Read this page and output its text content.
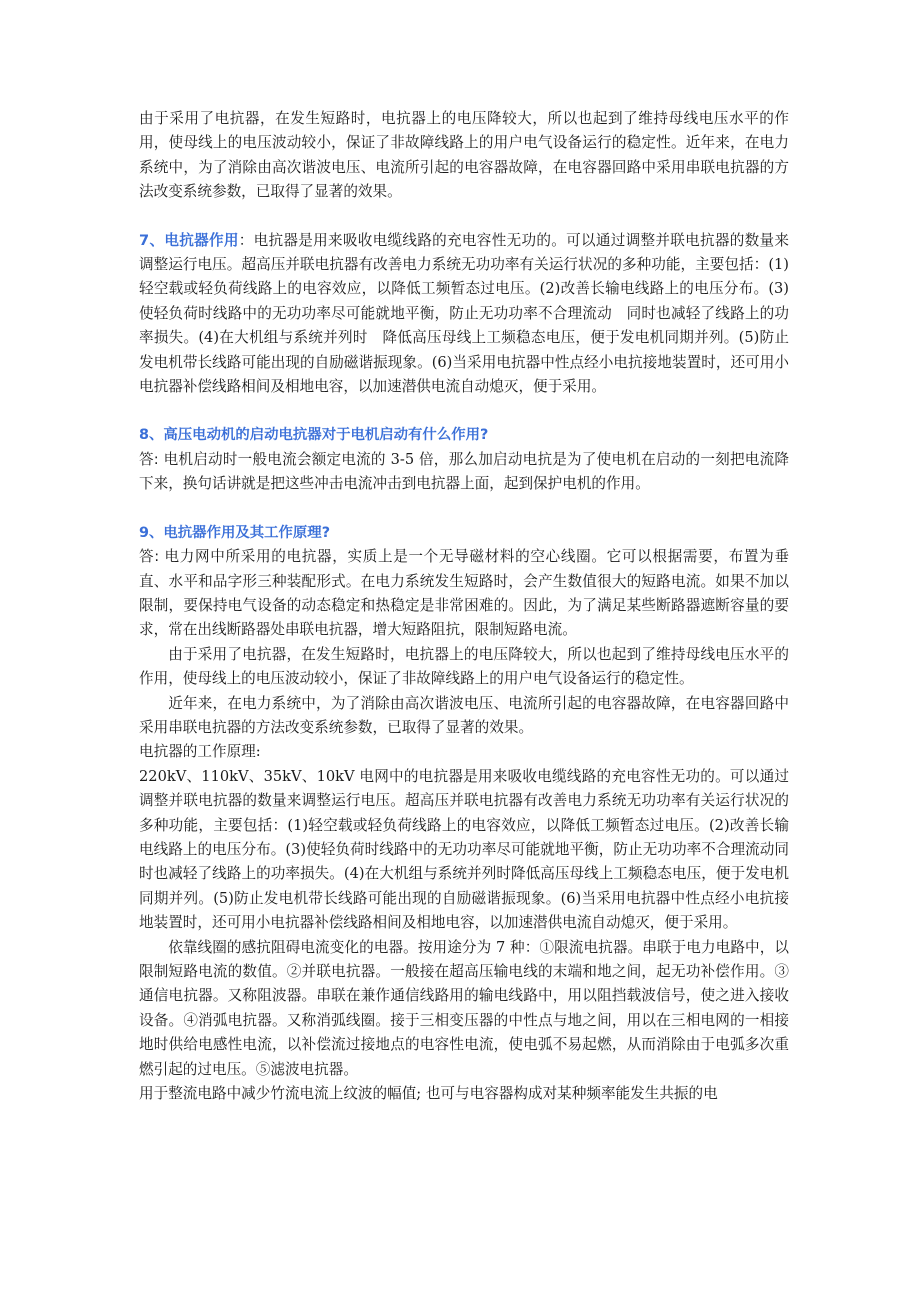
由于采用了电抗器，在发生短路时，电抗器上的电压降较大，所以也起到了维持母线电压水平的作用，使母线上的电压波动较小，保证了非故障线路上的用户电气设备运行的稳定性。近年来，在电力系统中，为了消除由高次谐波电压、电流所引起的电容器故障，在电容器回路中采用串联电抗器的方法改变系统参数，已取得了显著的效果。

7、电抗器作用：电抗器是用来吸收电缆线路的充电容性无功的。可以通过调整并联电抗器的数量来调整运行电压。超高压并联电抗器有改善电力系统无功功率有关运行状况的多种功能，主要包括：(1)轻空载或轻负荷线路上的电容效应，以降低工频暂态过电压。(2)改善长输电线路上的电压分布。(3)使轻负荷时线路中的无功功率尽可能就地平衡，防止无功功率不合理流动　同时也减轻了线路上的功率损失。(4)在大机组与系统并列时　降低高压母线上工频稳态电压，便于发电机同期并列。(5)防止发电机带长线路可能出现的自励磁谐振现象。(6)当采用电抗器中性点经小电抗接地装置时，还可用小电抗器补偿线路相间及相地电容，以加速潜供电流自动熄灭，便于采用。

8、高压电动机的启动电抗器对于电机启动有什么作用?

答: 电机启动时一般电流会额定电流的 3-5 倍，那么加启动电抗是为了使电机在启动的一刻把电流降下来，换句话讲就是把这些冲击电流冲击到电抗器上面，起到保护电机的作用。

9、电抗器作用及其工作原理?

答: 电力网中所采用的电抗器，实质上是一个无导磁材料的空心线圈。它可以根据需要，布置为垂直、水平和品字形三种装配形式。在电力系统发生短路时，会产生数值很大的短路电流。如果不加以限制，要保持电气设备的动态稳定和热稳定是非常困难的。因此，为了满足某些断路器遮断容量的要求，常在出线断路器处串联电抗器，增大短路阻抗，限制短路电流。

由于采用了电抗器，在发生短路时，电抗器上的电压降较大，所以也起到了维持母线电压水平的作用，使母线上的电压波动较小，保证了非故障线路上的用户电气设备运行的稳定性。

近年来，在电力系统中，为了消除由高次谐波电压、电流所引起的电容器故障，在电容器回路中采用串联电抗器的方法改变系统参数，已取得了显著的效果。

电抗器的工作原理:

220kV、110kV、35kV、10kV 电网中的电抗器是用来吸收电缆线路的充电容性无功的。可以通过调整并联电抗器的数量来调整运行电压。超高压并联电抗器有改善电力系统无功功率有关运行状况的多种功能，主要包括：(1)轻空载或轻负荷线路上的电容效应，以降低工频暂态过电压。(2)改善长输电线路上的电压分布。(3)使轻负荷时线路中的无功功率尽可能就地平衡，防止无功功率不合理流动同时也减轻了线路上的功率损失。(4)在大机组与系统并列时降低高压母线上工频稳态电压，便于发电机同期并列。(5)防止发电机带长线路可能出现的自励磁谐振现象。(6)当采用电抗器中性点经小电抗接地装置时，还可用小电抗器补偿线路相间及相地电容，以加速潜供电流自动熄灭，便于采用。

依靠线圈的感抗阻碍电流变化的电器。按用途分为 7 种：①限流电抗器。串联于电力电路中，以限制短路电流的数值。②并联电抗器。一般接在超高压输电线的末端和地之间，起无功补偿作用。③通信电抗器。又称阻波器。串联在兼作通信线路用的输电线路中，用以阻挡载波信号，使之进入接收设备。④消弧电抗器。又称消弧线圈。接于三相变压器的中性点与地之间，用以在三相电网的一相接地时供给电感性电流，以补偿流过接地点的电容性电流，使电弧不易起燃，从而消除由于电弧多次重燃引起的过电压。⑤滤波电抗器。

用于整流电路中减少竹流电流上纹波的幅值; 也可与电容器构成对某种频率能发生共振的电
